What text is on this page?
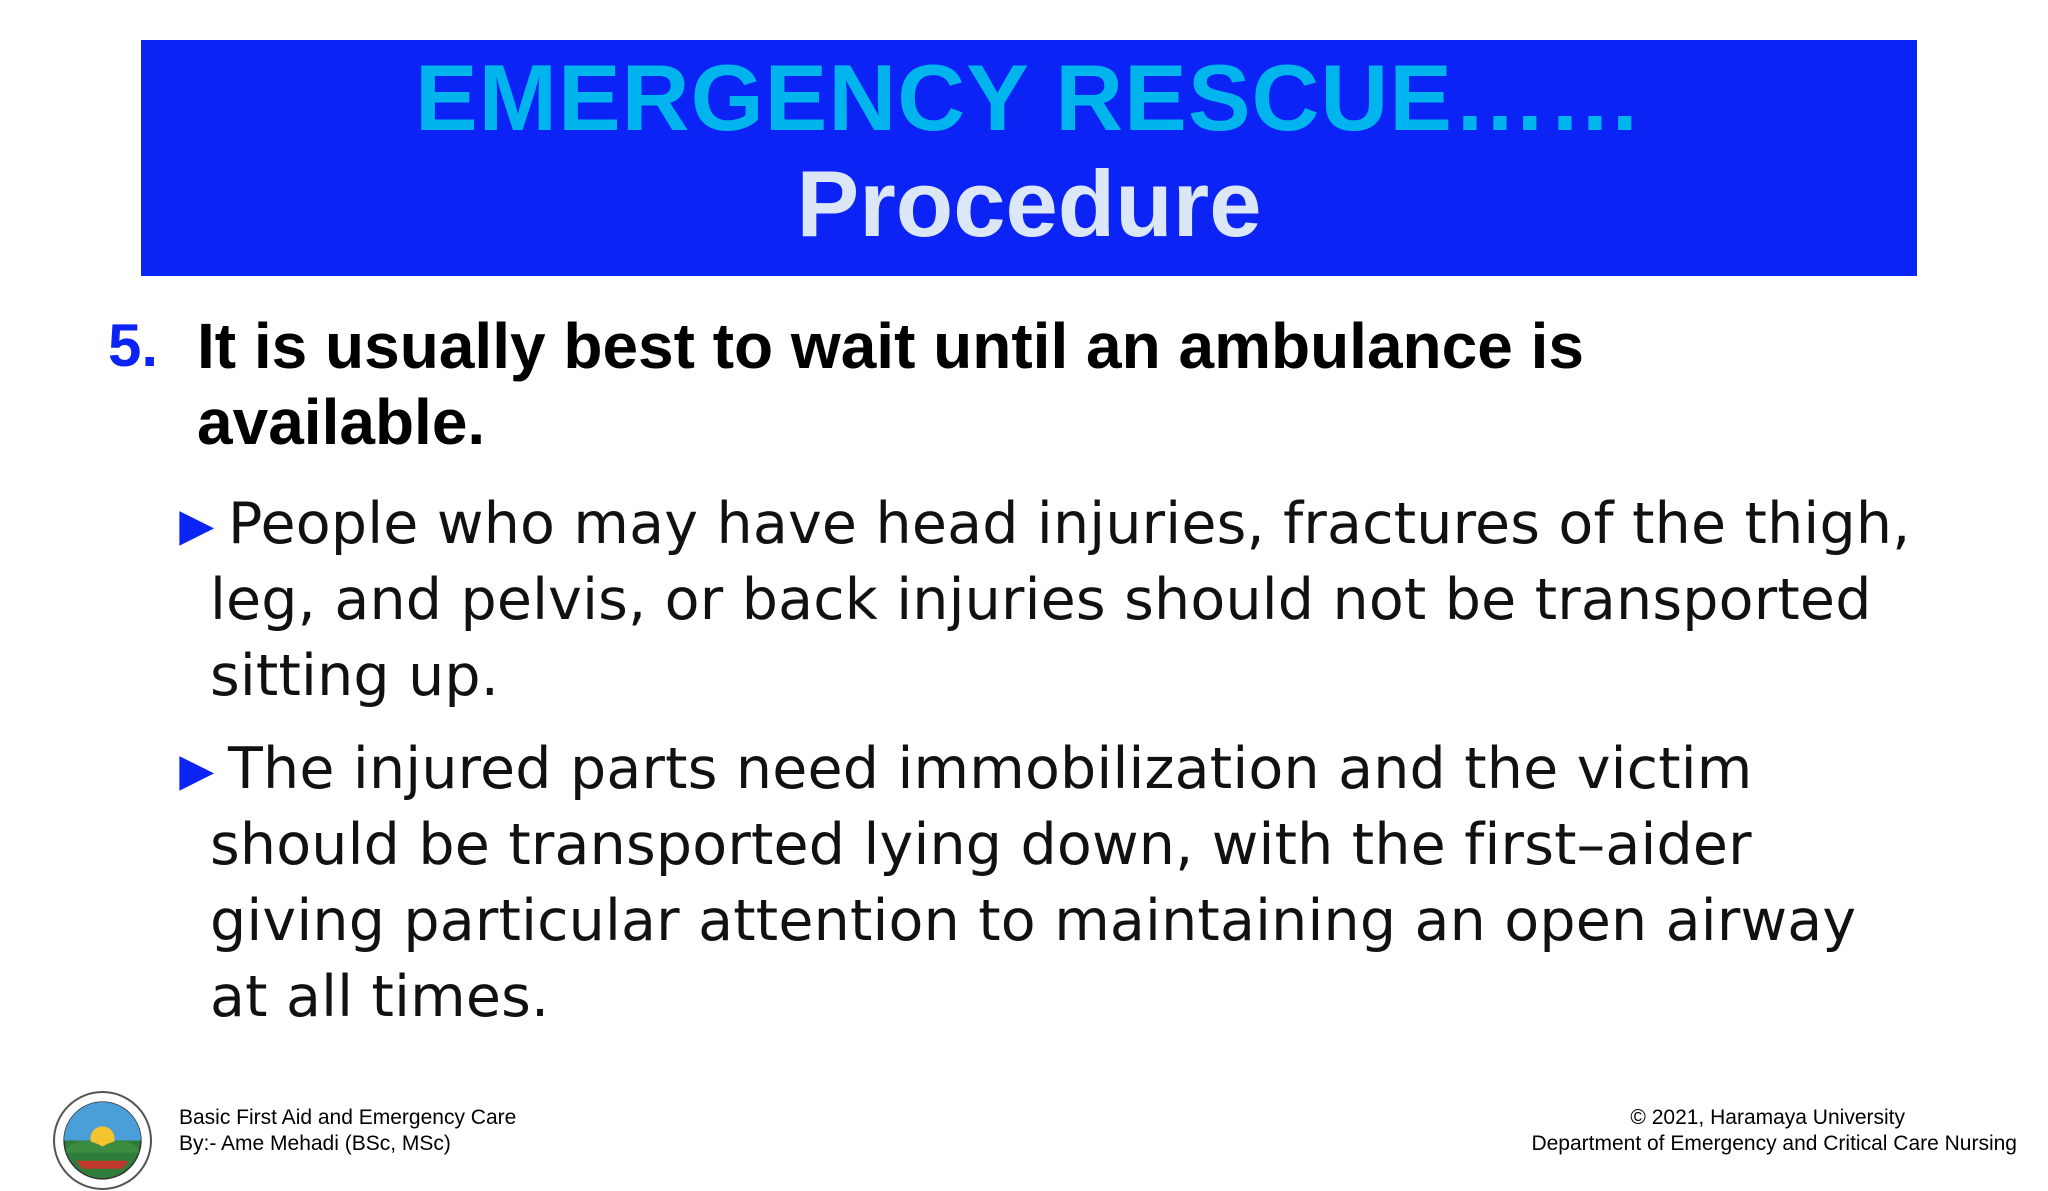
EMERGENCY RESCUE……
Procedure
5. It is usually best to wait until an ambulance is available.
► People who may have head injuries, fractures of the thigh, leg, and pelvis, or back injuries should not be transported sitting up.
► The injured parts need immobilization and the victim should be transported lying down, with the first–aider giving particular attention to maintaining an open airway at all times.
Basic First Aid and Emergency Care
By:- Ame Mehadi (BSc, MSc)
© 2021, Haramaya University
Department of Emergency and Critical Care Nursing
